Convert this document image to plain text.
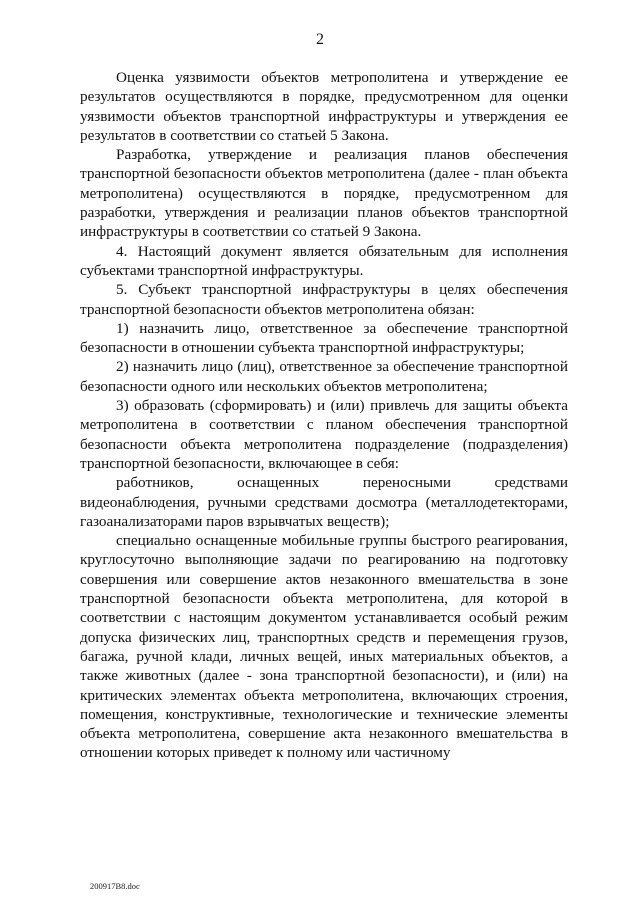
2

Оценка уязвимости объектов метрополитена и утверждение ее результатов осуществляются в порядке, предусмотренном для оценки уязвимости объектов транспортной инфраструктуры и утверждения ее результатов в соответствии со статьей 5 Закона.

Разработка, утверждение и реализация планов обеспечения транспортной безопасности объектов метрополитена (далее - план объекта метрополитена) осуществляются в порядке, предусмотренном для разработки, утверждения и реализации планов объектов транспортной инфраструктуры в соответствии со статьей 9 Закона.

4. Настоящий документ является обязательным для исполнения субъектами транспортной инфраструктуры.

5. Субъект транспортной инфраструктуры в целях обеспечения транспортной безопасности объектов метрополитена обязан:

1) назначить лицо, ответственное за обеспечение транспортной безопасности в отношении субъекта транспортной инфраструктуры;

2) назначить лицо (лиц), ответственное за обеспечение транспортной безопасности одного или нескольких объектов метрополитена;

3) образовать (сформировать) и (или) привлечь для защиты объекта метрополитена в соответствии с планом обеспечения транспортной безопасности объекта метрополитена подразделение (подразделения) транспортной безопасности, включающее в себя:

работников, оснащенных переносными средствами видеонаблюдения, ручными средствами досмотра (металлодетекторами, газоанализаторами паров взрывчатых веществ);

специально оснащенные мобильные группы быстрого реагирования, круглосуточно выполняющие задачи по реагированию на подготовку совершения или совершение актов незаконного вмешательства в зоне транспортной безопасности объекта метрополитена, для которой в соответствии с настоящим документом устанавливается особый режим допуска физических лиц, транспортных средств и перемещения грузов, багажа, ручной клади, личных вещей, иных материальных объектов, а также животных (далее - зона транспортной безопасности), и (или) на критических элементах объекта метрополитена, включающих строения, помещения, конструктивные, технологические и технические элементы объекта метрополитена, совершение акта незаконного вмешательства в отношении которых приведет к полному или частичному

200917B8.doc
